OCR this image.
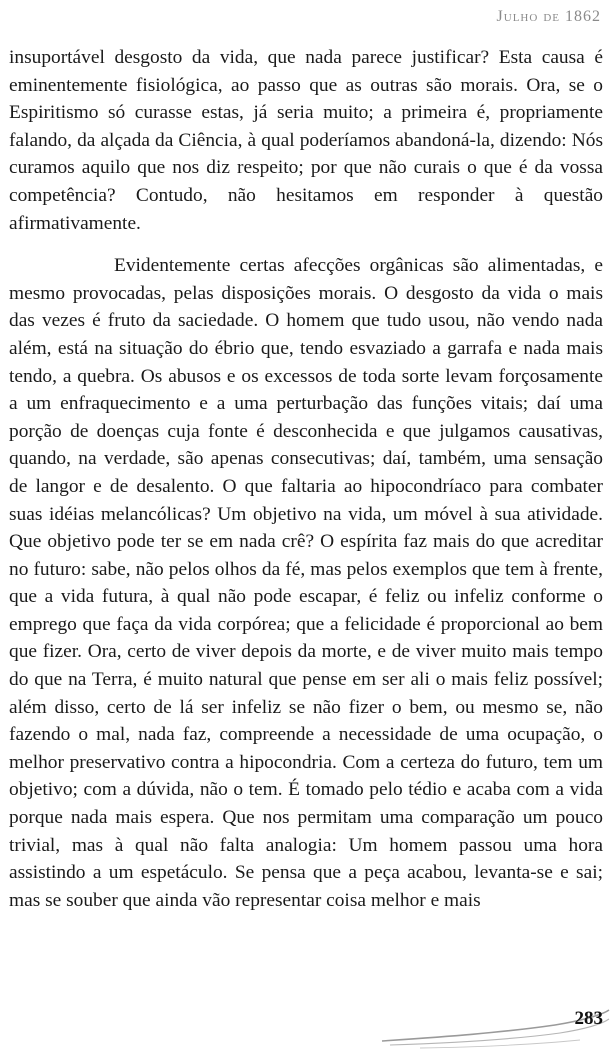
Julho de 1862

insuportável desgosto da vida, que nada parece justificar? Esta causa é eminentemente fisiológica, ao passo que as outras são morais. Ora, se o Espiritismo só curasse estas, já seria muito; a primeira é, propriamente falando, da alçada da Ciência, à qual poderíamos abandoná-la, dizendo: Nós curamos aquilo que nos diz respeito; por que não curais o que é da vossa competência? Contudo, não hesitamos em responder à questão afirmativamente.

Evidentemente certas afecções orgânicas são alimentadas, e mesmo provocadas, pelas disposições morais. O desgosto da vida o mais das vezes é fruto da saciedade. O homem que tudo usou, não vendo nada além, está na situação do ébrio que, tendo esvaziado a garrafa e nada mais tendo, a quebra. Os abusos e os excessos de toda sorte levam forçosamente a um enfraquecimento e a uma perturbação das funções vitais; daí uma porção de doenças cuja fonte é desconhecida e que julgamos causativas, quando, na verdade, são apenas consecutivas; daí, também, uma sensação de langor e de desalento. O que faltaria ao hipocondríaco para combater suas idéias melancólicas? Um objetivo na vida, um móvel à sua atividade. Que objetivo pode ter se em nada crê? O espírita faz mais do que acreditar no futuro: sabe, não pelos olhos da fé, mas pelos exemplos que tem à frente, que a vida futura, à qual não pode escapar, é feliz ou infeliz conforme o emprego que faça da vida corpórea; que a felicidade é proporcional ao bem que fizer. Ora, certo de viver depois da morte, e de viver muito mais tempo do que na Terra, é muito natural que pense em ser ali o mais feliz possível; além disso, certo de lá ser infeliz se não fizer o bem, ou mesmo se, não fazendo o mal, nada faz, compreende a necessidade de uma ocupação, o melhor preservativo contra a hipocondria. Com a certeza do futuro, tem um objetivo; com a dúvida, não o tem. É tomado pelo tédio e acaba com a vida porque nada mais espera. Que nos permitam uma comparação um pouco trivial, mas à qual não falta analogia: Um homem passou uma hora assistindo a um espetáculo. Se pensa que a peça acabou, levanta-se e sai; mas se souber que ainda vão representar coisa melhor e mais

283
